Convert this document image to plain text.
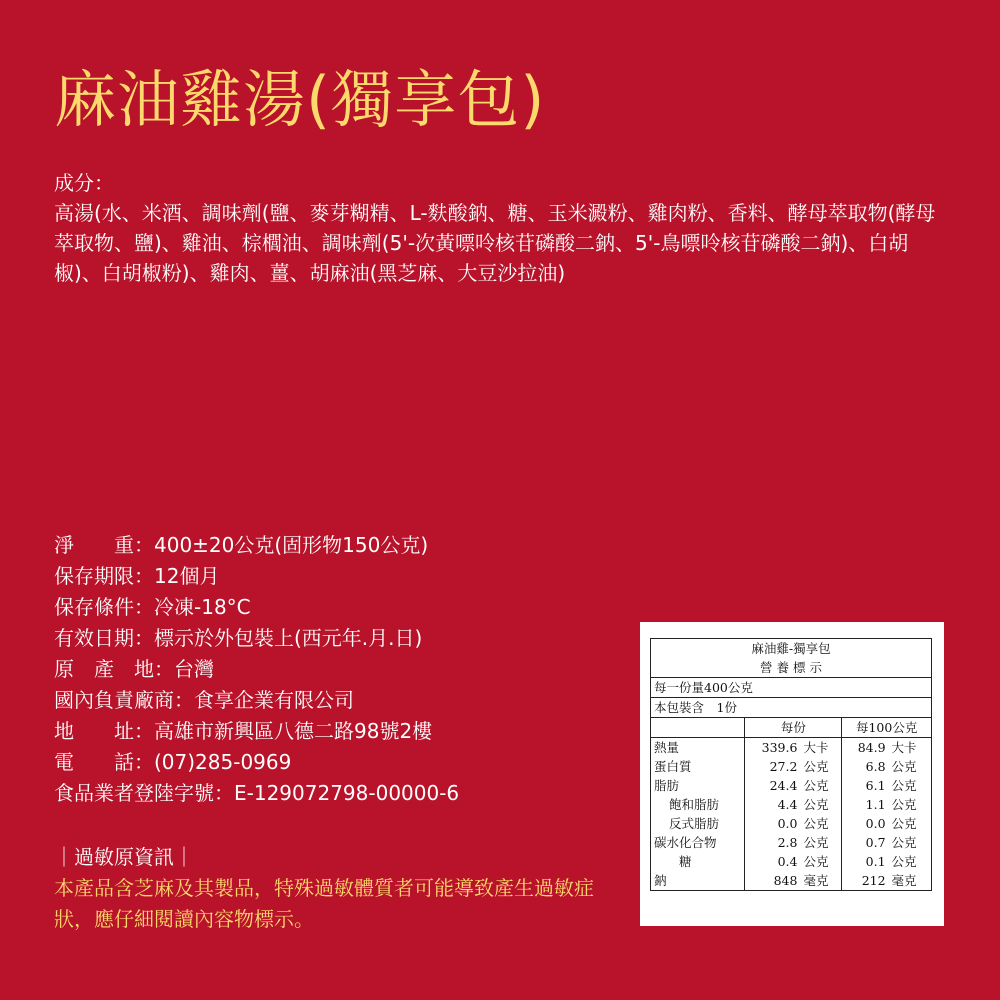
麻油雞湯(獨享包)
成分：
高湯(水、米酒、調味劑(鹽、麥芽糊精、L-麩酸鈉、糖、玉米澱粉、雞肉粉、香料、酵母萃取物(酵母萃取物、鹽)、雞油、棕櫚油、調味劑(5'-次黃嘌呤核苷磷酸二鈉、5'-鳥嘌呤核苷磷酸二鈉)、白胡椒)、白胡椒粉)、雞肉、薑、胡麻油(黑芝麻、大豆沙拉油)
淨　　重：400±20公克(固形物150公克)
保存期限：12個月
保存條件：冷凍-18°C
有效日期：標示於外包裝上(西元年.月.日)
原　產　地：台灣
國內負責廠商：食享企業有限公司
地　　址：高雄市新興區八德二路98號2樓
電　　話：(07)285-0969
食品業者登陸字號：E-129072798-00000-6
｜過敏原資訊｜
本產品含芝麻及其製品，特殊過敏體質者可能導致產生過敏症狀，應仔細閱讀內容物標示。
麻油雞-獨享包				
營 養 標 示				
每一份量400公克				
本包裝含　1份				
	每份		每100公克	
熱量	339.6	大卡	84.9	大卡
蛋白質	27.2	公克	6.8	公克
脂肪	24.4	公克	6.1	公克
飽和脂肪	4.4	公克	1.1	公克
反式脂肪	0.0	公克	0.0	公克
碳水化合物	2.8	公克	0.7	公克
糖	0.4	公克	0.1	公克
鈉	848	毫克	212	毫克
